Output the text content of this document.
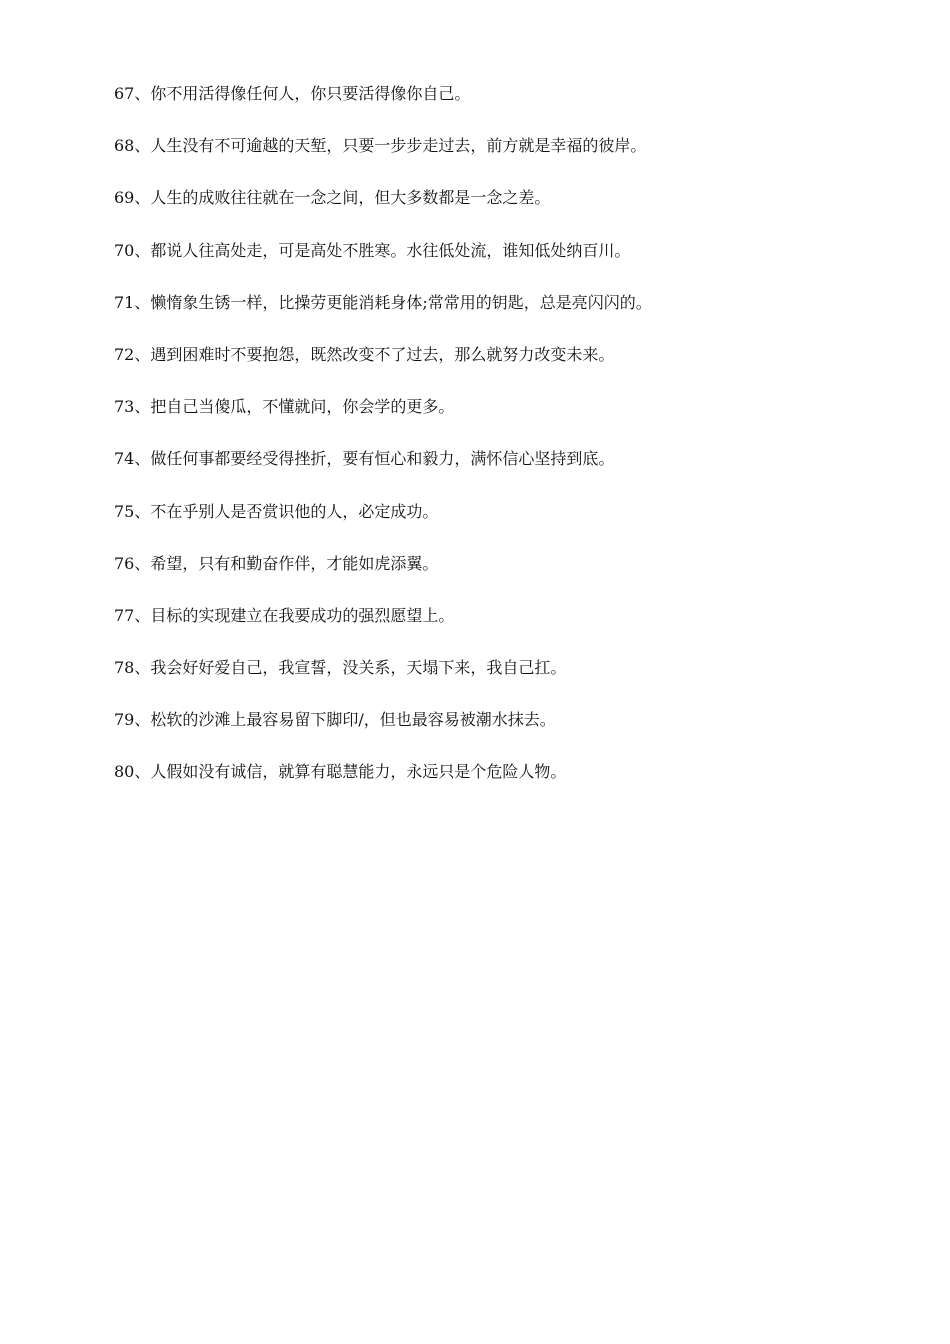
67、你不用活得像任何人，你只要活得像你自己。
68、人生没有不可逾越的天堑，只要一步步走过去，前方就是幸福的彼岸。
69、人生的成败往往就在一念之间，但大多数都是一念之差。
70、都说人往高处走，可是高处不胜寒。水往低处流，谁知低处纳百川。
71、懒惰象生锈一样，比操劳更能消耗身体;常常用的钥匙，总是亮闪闪的。
72、遇到困难时不要抱怨，既然改变不了过去，那么就努力改变未来。
73、把自己当傻瓜，不懂就问，你会学的更多。
74、做任何事都要经受得挫折，要有恒心和毅力，满怀信心坚持到底。
75、不在乎别人是否赏识他的人，必定成功。
76、希望，只有和勤奋作伴，才能如虎添翼。
77、目标的实现建立在我要成功的强烈愿望上。
78、我会好好爱自己，我宣誓，没关系，天塌下来，我自己扛。
79、松软的沙滩上最容易留下脚印/，但也最容易被潮水抹去。
80、人假如没有诚信，就算有聪慧能力，永远只是个危险人物。
